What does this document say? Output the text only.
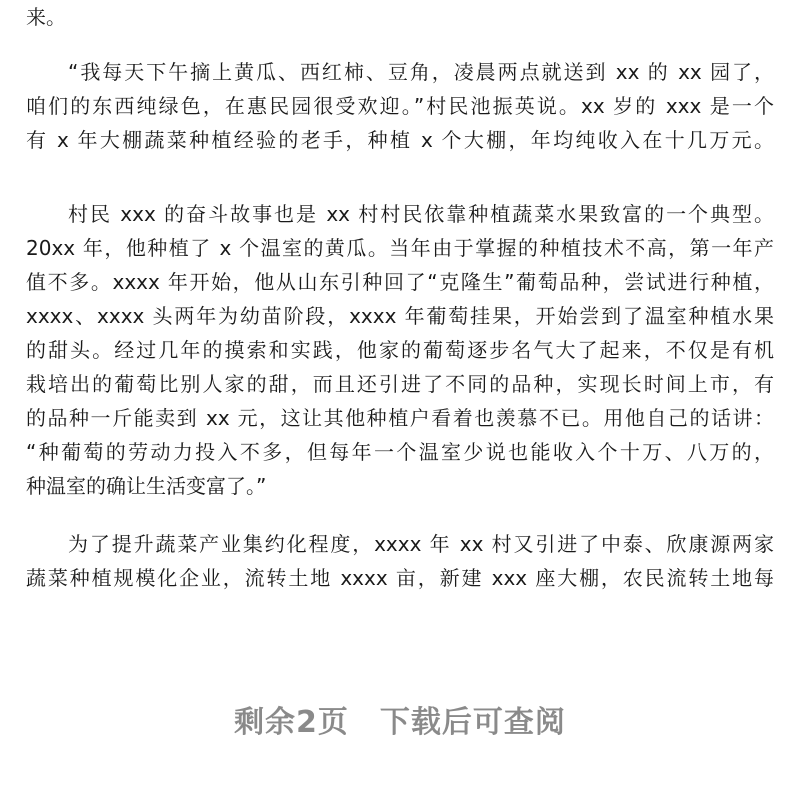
来。
“我每天下午摘上黄瓜、西红柿、豆角，凌晨两点就送到 xx 的 xx 园了，
咱们的东西纯绿色，在惠民园很受欢迎。”村民池振英说。xx 岁的 xxx 是一个
有 x 年大棚蔬菜种植经验的老手，种植 x 个大棚，年均纯收入在十几万元。
村民 xxx 的奋斗故事也是 xx 村村民依靠种植蔬菜水果致富的一个典型。
20xx 年，他种植了 x 个温室的黄瓜。当年由于掌握的种植技术不高，第一年产
值不多。xxxx 年开始，他从山东引种回了“克隆生”葡萄品种，尝试进行种植，
xxxx、xxxx 头两年为幼苗阶段，xxxx 年葡萄挂果，开始尝到了温室种植水果
的甜头。经过几年的摸索和实践，他家的葡萄逐步名气大了起来，不仅是有机
栽培出的葡萄比别人家的甜，而且还引进了不同的品种，实现长时间上市，有
的品种一斤能卖到 xx 元，这让其他种植户看着也羡慕不已。用他自己的话讲：
“种葡萄的劳动力投入不多，但每年一个温室少说也能收入个十万、八万的，
种温室的确让生活变富了。”
为了提升蔬菜产业集约化程度，xxxx 年 xx 村又引进了中泰、欣康源两家
蔬菜种植规模化企业，流转土地 xxxx 亩，新建 xxx 座大棚，农民流转土地每
剩余2页　下载后可查阅
